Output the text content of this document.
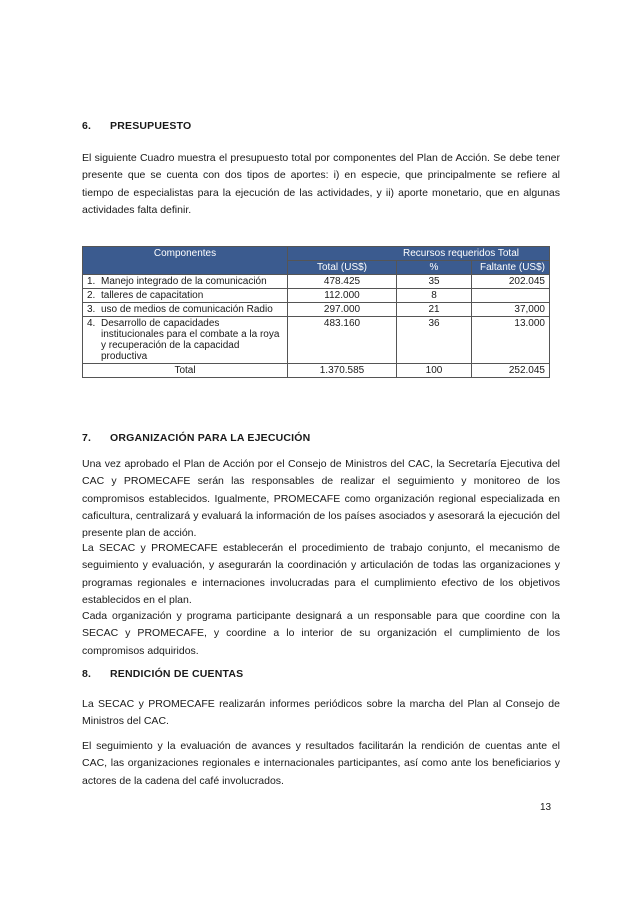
6. PRESUPUESTO
El siguiente Cuadro muestra el presupuesto total por componentes del Plan de Acción. Se debe tener presente que se cuenta con dos tipos de aportes: i) en especie, que principalmente se refiere al tiempo de especialistas para la ejecución de las actividades, y ii) aporte monetario, que en algunas actividades falta definir.
Componentes	Recursos requeridos Total		
	Total (US$)	%	Faltante (US$)

1. Manejo integrado de la comunicación	478.425	35	202.045

2. talleres de capacitation	112.000	8	

3. uso de medios de comunicación Radio	297.000	21	37,000

4. Desarrollo de capacidades institucionales para el combate a la roya y recuperación de la capacidad productiva	483.160	36	13.000
Total	1.370.585	100	252.045
7. ORGANIZACIÓN PARA LA EJECUCIÓN
Una vez aprobado el Plan de Acción por el Consejo de Ministros del CAC, la Secretaría Ejecutiva del CAC y PROMECAFE serán las responsables de realizar el seguimiento y monitoreo de los compromisos establecidos. Igualmente, PROMECAFE como organización regional especializada en caficultura, centralizará y evaluará la información de los países asociados y asesorará la ejecución del presente plan de acción.
La SECAC y PROMECAFE establecerán el procedimiento de trabajo conjunto, el mecanismo de seguimiento y evaluación, y asegurarán la coordinación y articulación de todas las organizaciones y programas regionales e internaciones involucradas para el cumplimiento efectivo de los objetivos establecidos en el plan.
Cada organización y programa participante designará a un responsable para que coordine con la SECAC y PROMECAFE, y coordine a lo interior de su organización el cumplimiento de los compromisos adquiridos.
8. RENDICIÓN DE CUENTAS
La SECAC y PROMECAFE realizarán informes periódicos sobre la marcha del Plan al Consejo de Ministros del CAC.
El seguimiento y la evaluación de avances y resultados facilitarán la rendición de cuentas ante el CAC, las organizaciones regionales e internacionales participantes, así como ante los beneficiarios y actores de la cadena del café involucrados.
13
